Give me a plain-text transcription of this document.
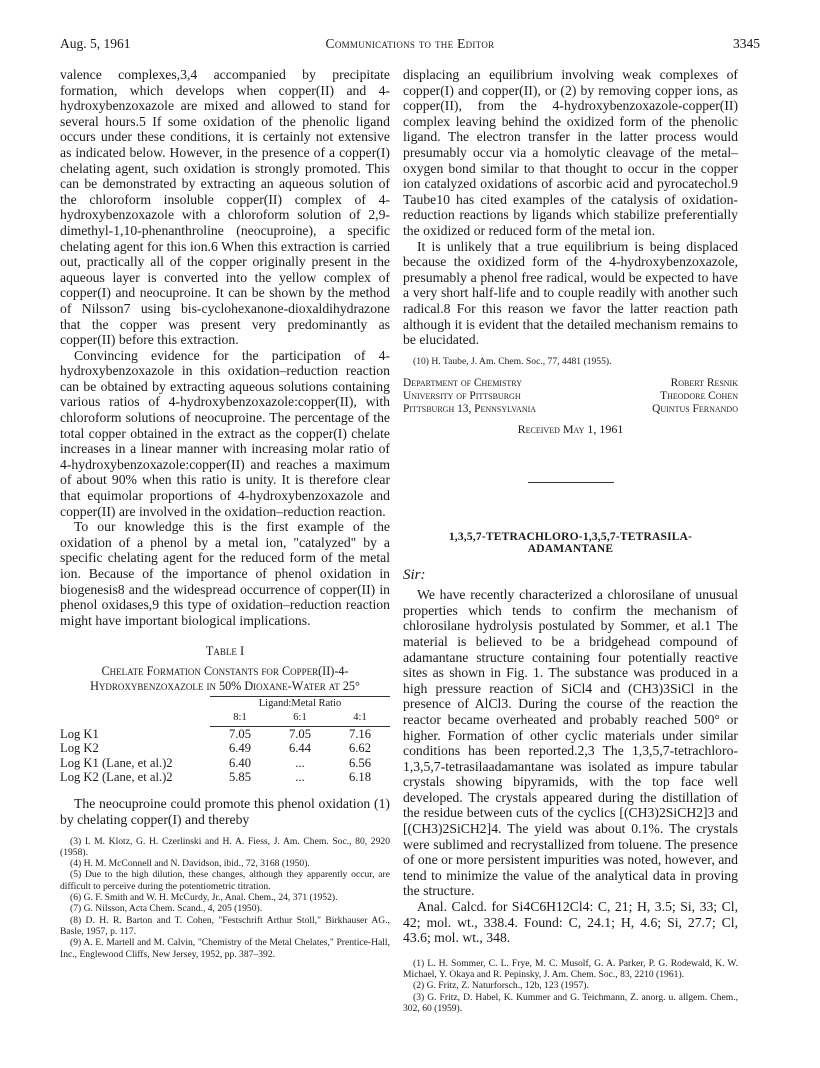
Aug. 5, 1961	Communications to the Editor	3345

valence complexes,3,4 accompanied by precipitate formation, which develops when copper(II) and 4-hydroxybenzoxazole are mixed and allowed to stand for several hours.5 If some oxidation of the phenolic ligand occurs under these conditions, it is certainly not extensive as indicated below. However, in the presence of a copper(I) chelating agent, such oxidation is strongly promoted. This can be demonstrated by extracting an aqueous solution of the chloroform insoluble copper(II) complex of 4-hydroxybenzoxazole with a chloroform solution of 2,9-dimethyl-1,10-phenanthroline (neocuproine), a specific chelating agent for this ion.6 When this extraction is carried out, practically all of the copper originally present in the aqueous layer is converted into the yellow complex of copper(I) and neocuproine. It can be shown by the method of Nilsson7 using bis-cyclohexanone-dioxaldihydrazone that the copper was present very predominantly as copper(II) before this extraction.

Convincing evidence for the participation of 4-hydroxybenzoxazole in this oxidation–reduction reaction can be obtained by extracting aqueous solutions containing various ratios of 4-hydroxybenzoxazole:copper(II), with chloroform solutions of neocuproine. The percentage of the total copper obtained in the extract as the copper(I) chelate increases in a linear manner with increasing molar ratio of 4-hydroxybenzoxazole:copper(II) and reaches a maximum of about 90% when this ratio is unity. It is therefore clear that equimolar proportions of 4-hydroxybenzoxazole and copper(II) are involved in the oxidation–reduction reaction.

To our knowledge this is the first example of the oxidation of a phenol by a metal ion, "catalyzed" by a specific chelating agent for the reduced form of the metal ion. Because of the importance of phenol oxidation in biogenesis8 and the widespread occurrence of copper(II) in phenol oxidases,9 this type of oxidation–reduction reaction might have important biological implications.

Table I
Chelate Formation Constants for Copper(II)-4-
Hydroxybenzoxazole in 50% Dioxane-Water at 25°
	Ligand:Metal Ratio		
	8:1	6:1	4:1
Log K1	7.05	7.05	7.16
Log K2	6.49	6.44	6.62
Log K1 (Lane, et al.)2	6.40	...	6.56
Log K2 (Lane, et al.)2	5.85	...	6.18

The neocuproine could promote this phenol oxidation (1) by chelating copper(I) and thereby

(3) I. M. Klotz, G. H. Czerlinski and H. A. Fiess, J. Am. Chem. Soc., 80, 2920 (1958).
(4) H. M. McConnell and N. Davidson, ibid., 72, 3168 (1950).
(5) Due to the high dilution, these changes, although they apparently occur, are difficult to perceive during the potentiometric titration.
(6) G. F. Smith and W. H. McCurdy, Jr., Anal. Chem., 24, 371 (1952).
(7) G. Nilsson, Acta Chem. Scand., 4, 205 (1950).
(8) D. H. R. Barton and T. Cohen, "Festschrift Arthur Stoll," Birkhauser AG., Basle, 1957, p. 117.
(9) A. E. Martell and M. Calvin, "Chemistry of the Metal Chelates," Prentice-Hall, Inc., Englewood Cliffs, New Jersey, 1952, pp. 387–392.

displacing an equilibrium involving weak complexes of copper(I) and copper(II), or (2) by removing copper ions, as copper(II), from the 4-hydroxybenzoxazole-copper(II) complex leaving behind the oxidized form of the phenolic ligand. The electron transfer in the latter process would presumably occur via a homolytic cleavage of the metal–oxygen bond similar to that thought to occur in the copper ion catalyzed oxidations of ascorbic acid and pyrocatechol.9 Taube10 has cited examples of the catalysis of oxidation-reduction reactions by ligands which stabilize preferentially the oxidized or reduced form of the metal ion.

It is unlikely that a true equilibrium is being displaced because the oxidized form of the 4-hydroxybenzoxazole, presumably a phenol free radical, would be expected to have a very short half-life and to couple readily with another such radical.8 For this reason we favor the latter reaction path although it is evident that the detailed mechanism remains to be elucidated.

(10) H. Taube, J. Am. Chem. Soc., 77, 4481 (1955).
Department of Chemistry	Robert Resnik
University of Pittsburgh	Theodore Cohen
Pittsburgh 13, Pennsylvania	Quintus Fernando
Received May 1, 1961
1,3,5,7-TETRACHLORO-1,3,5,7-TETRASILA-
ADAMANTANE
Sir:

We have recently characterized a chlorosilane of unusual properties which tends to confirm the mechanism of chlorosilane hydrolysis postulated by Sommer, et al.1 The material is believed to be a bridgehead compound of adamantane structure containing four potentially reactive sites as shown in Fig. 1. The substance was produced in a high pressure reaction of SiCl4 and (CH3)3SiCl in the presence of AlCl3. During the course of the reaction the reactor became overheated and probably reached 500° or higher. Formation of other cyclic materials under similar conditions has been reported.2,3 The 1,3,5,7-tetrachloro-1,3,5,7-tetrasilaadamantane was isolated as impure tabular crystals showing bipyramids, with the top face well developed. The crystals appeared during the distillation of the residue between cuts of the cyclics [(CH3)2SiCH2]3 and [(CH3)2SiCH2]4. The yield was about 0.1%. The crystals were sublimed and recrystallized from toluene. The presence of one or more persistent impurities was noted, however, and tend to minimize the value of the analytical data in proving the structure.

Anal. Calcd. for Si4C6H12Cl4: C, 21; H, 3.5; Si, 33; Cl, 42; mol. wt., 338.4. Found: C, 24.1; H, 4.6; Si, 27.7; Cl, 43.6; mol. wt., 348.

(1) L. H. Sommer, C. L. Frye, M. C. Musolf, G. A. Parker, P. G. Rodewald, K. W. Michael, Y. Okaya and R. Pepinsky, J. Am. Chem. Soc., 83, 2210 (1961).
(2) G. Fritz, Z. Naturforsch., 12b, 123 (1957).
(3) G. Fritz, D. Habel, K. Kummer and G. Teichmann, Z. anorg. u. allgem. Chem., 302, 60 (1959).
